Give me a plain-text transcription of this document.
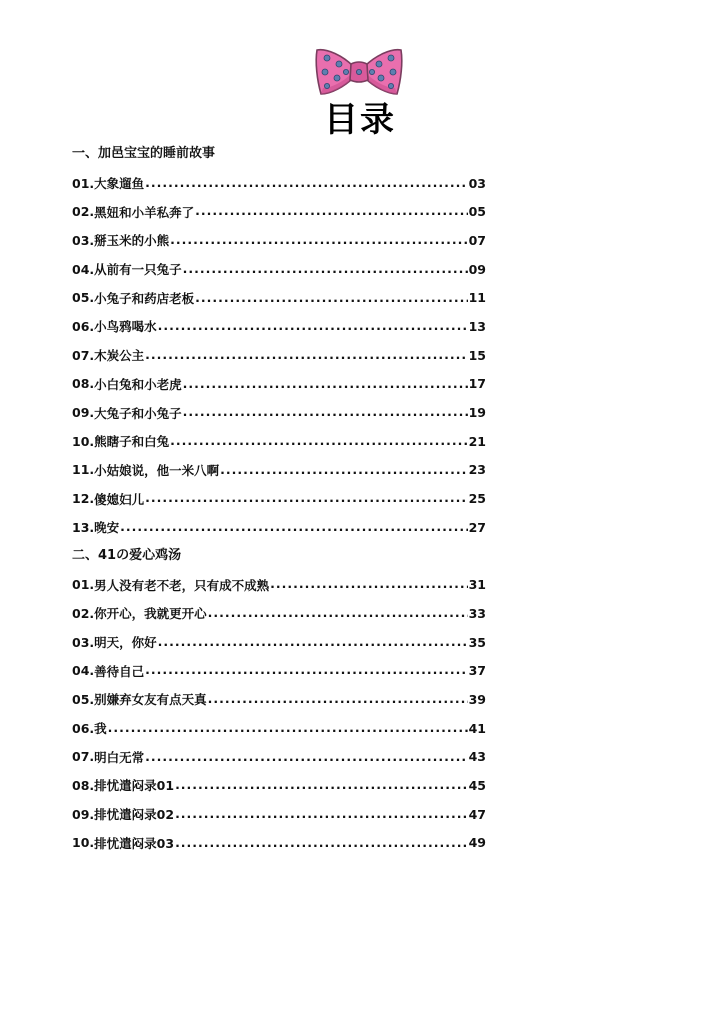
目录
一、加邑宝宝的睡前故事
01. 大象遛鱼 .....	03
02. 黑妞和小羊私奔了 .....	05
03. 掰玉米的小熊 .....	07
04. 从前有一只兔子 .....	09
05. 小兔子和药店老板 .....	11
06. 小鸟鸦喝水 .....	13
07. 木炭公主 .....	15
08. 小白兔和小老虎 .....	17
09. 大兔子和小兔子 .....	19
10. 熊瞎子和白兔 .....	21
11. 小姑娘说，他一米八啊 .....	23
12. 傻媳妇儿 .....	25
13. 晚安 .....	27
二、41の爱心鸡汤
01. 男人没有老不老，只有成不成熟 .....	31
02. 你开心，我就更开心 .....	33
03. 明天，你好 .....	35
04. 善待自己 .....	37
05. 别嫌弃女友有点天真 .....	39
06. 我 .....	41
07. 明白无常 .....	43
08. 排忧遣闷录01 .....	45
09. 排忧遣闷录02 .....	47
10. 排忧遣闷录03 .....	49
